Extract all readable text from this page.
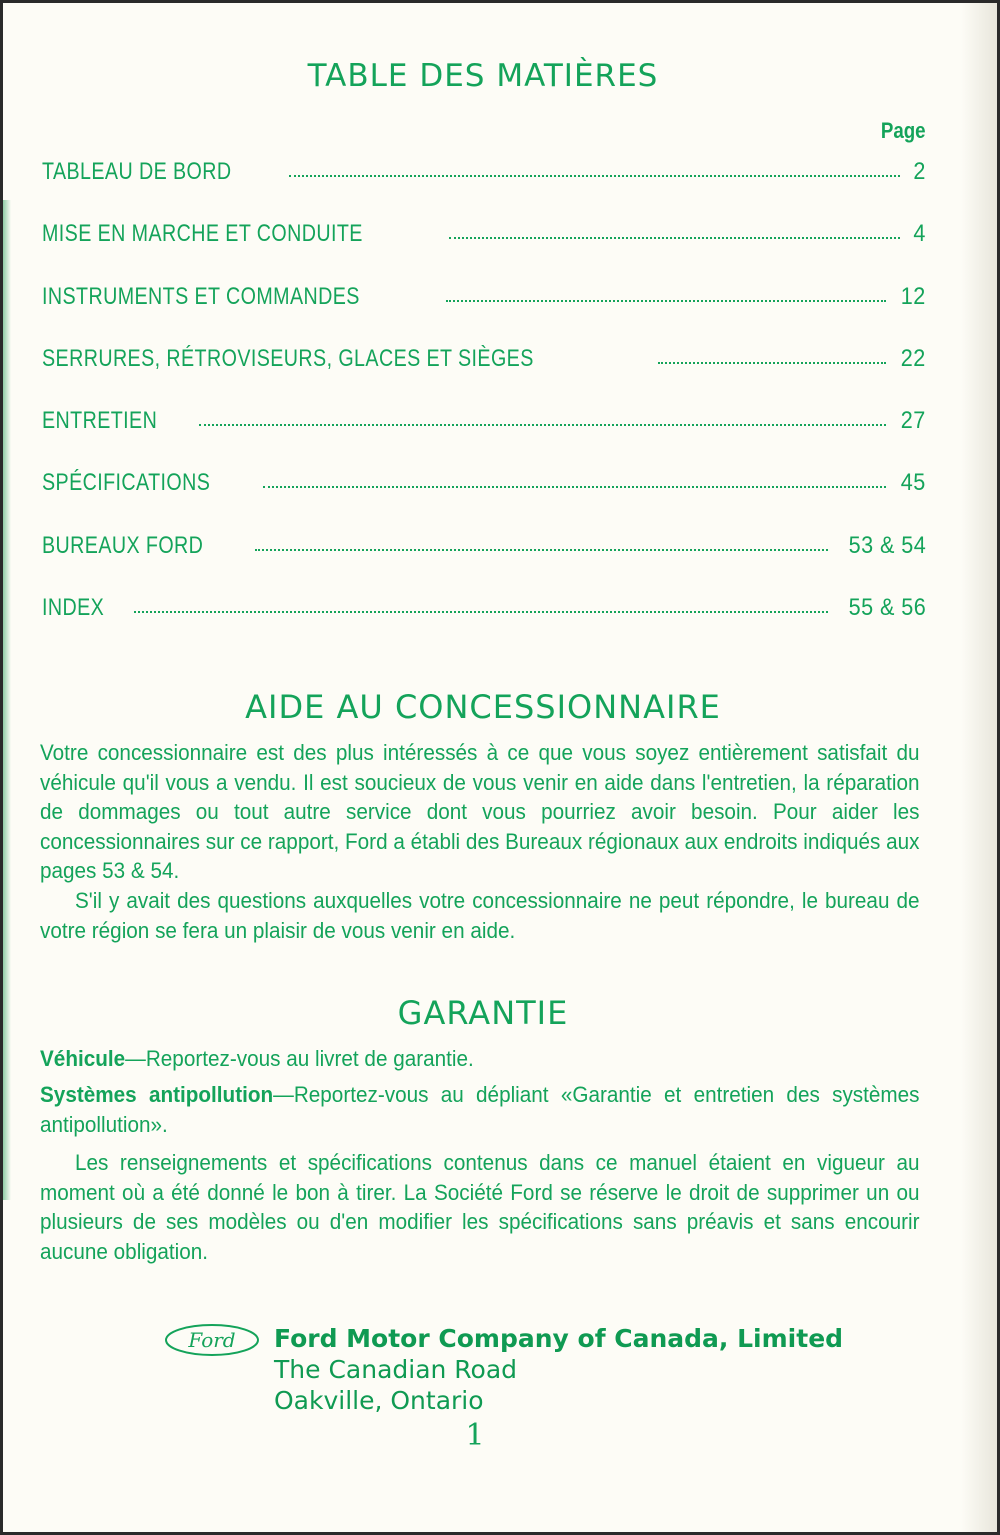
TABLE DES MATIÈRES
Page
TABLEAU DE BORD	2
MISE EN MARCHE ET CONDUITE	4
INSTRUMENTS ET COMMANDES	12
SERRURES, RÉTROVISEURS, GLACES ET SIÈGES	22
ENTRETIEN	27
SPÉCIFICATIONS	45
BUREAUX FORD	53 & 54
INDEX	55 & 56
AIDE AU CONCESSIONNAIRE
Votre concessionnaire est des plus intéressés à ce que vous soyez entièrement satisfait du véhicule qu'il vous a vendu. Il est soucieux de vous venir en aide dans l'entretien, la réparation de dommages ou tout autre service dont vous pourriez avoir besoin. Pour aider les concessionnaires sur ce rapport, Ford a établi des Bureaux régionaux aux endroits indiqués aux pages 53 & 54.
S'il y avait des questions auxquelles votre concessionnaire ne peut répondre, le bureau de votre région se fera un plaisir de vous venir en aide.
GARANTIE
Véhicule—Reportez-vous au livret de garantie.
Systèmes antipollution—Reportez-vous au dépliant «Garantie et entretien des systèmes antipollution».
Les renseignements et spécifications contenus dans ce manuel étaient en vigueur au moment où a été donné le bon à tirer. La Société Ford se réserve le droit de supprimer un ou plusieurs de ses modèles ou d'en modifier les spécifications sans préavis et sans encourir aucune obligation.
Ford Ford Motor Company of Canada, Limited
The Canadian Road
Oakville, Ontario
1
